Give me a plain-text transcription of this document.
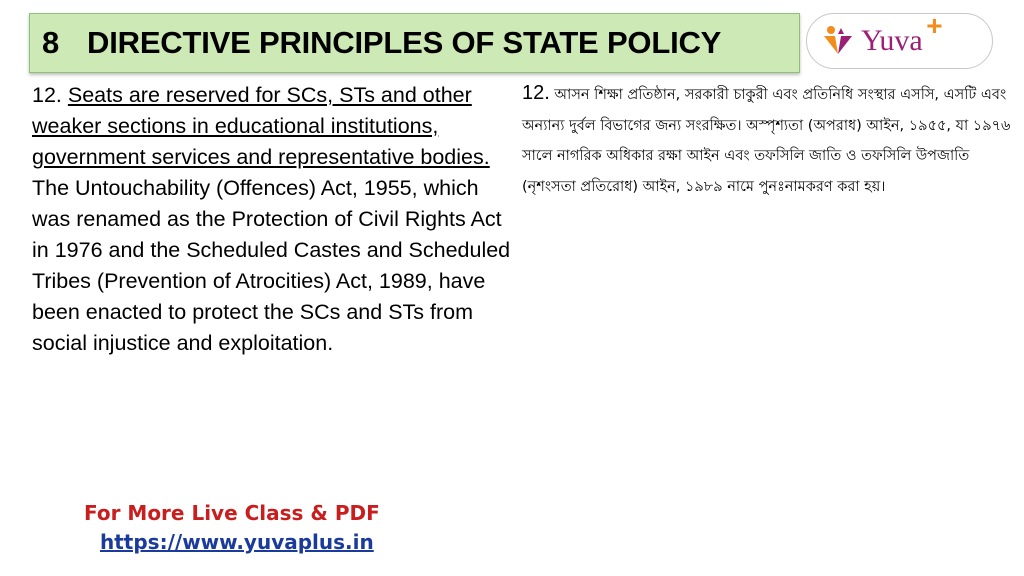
8 DIRECTIVE PRINCIPLES OF STATE POLICY	Yuva +
12. Seats are reserved for SCs, STs and other weaker sections in educational institutions, government services and representative bodies. The Untouchability (Offences) Act, 1955, which was renamed as the Protection of Civil Rights Act in 1976 and the Scheduled Castes and Scheduled Tribes (Prevention of Atrocities) Act, 1989, have been enacted to protect the SCs and STs from social injustice and exploitation.
12. আসন শিক্ষা প্রতিষ্ঠান, সরকারী চাকুরী এবং প্রতিনিধি সংস্থার এসসি, এসটি এবং অন্যান্য দুর্বল বিভাগের জন্য সংরক্ষিত। অস্পৃশ্যতা (অপরাধ) আইন, ১৯৫৫, যা ১৯৭৬ সালে নাগরিক অধিকার রক্ষা আইন এবং তফসিলি জাতি ও তফসিলি উপজাতি (নৃশংসতা প্রতিরোধ) আইন, ১৯৮৯ নামে পুনঃনামকরণ করা হয়।
For More Live Class & PDF
https://www.yuvaplus.in
